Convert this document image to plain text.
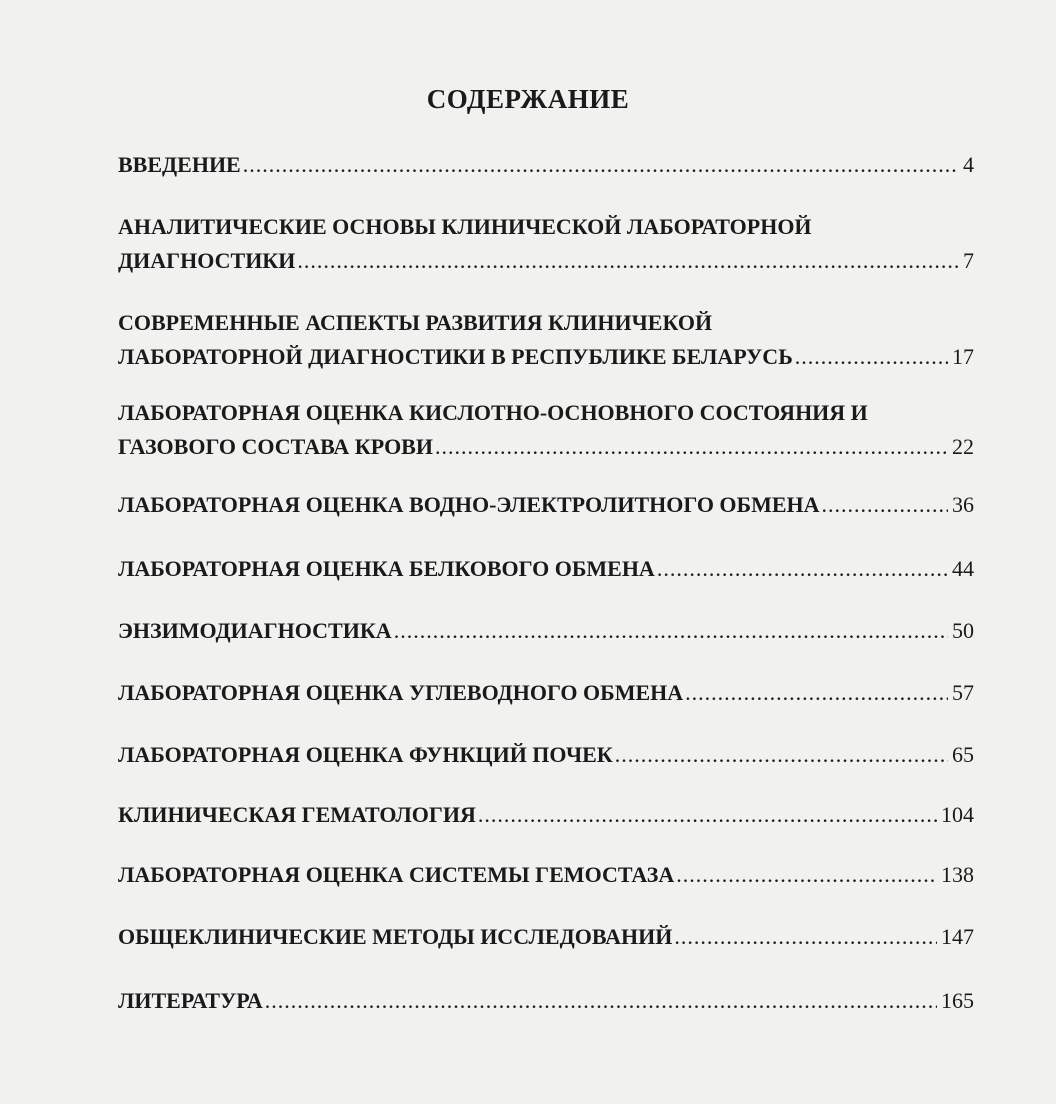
СОДЕРЖАНИЕ
ВВЕДЕНИЕ .....	4
АНАЛИТИЧЕСКИЕ ОСНОВЫ КЛИНИЧЕСКОЙ ЛАБОРАТОРНОЙ
ДИАГНОСТИКИ .....	7
СОВРЕМЕННЫЕ АСПЕКТЫ РАЗВИТИЯ КЛИНИЧЕКОЙ
ЛАБОРАТОРНОЙ ДИАГНОСТИКИ В РЕСПУБЛИКЕ БЕЛАРУСЬ .....	17
ЛАБОРАТОРНАЯ ОЦЕНКА КИСЛОТНО-ОСНОВНОГО СОСТОЯНИЯ И
ГАЗОВОГО СОСТАВА КРОВИ .....	22
ЛАБОРАТОРНАЯ ОЦЕНКА ВОДНО-ЭЛЕКТРОЛИТНОГО ОБМЕНА .....	36
ЛАБОРАТОРНАЯ ОЦЕНКА БЕЛКОВОГО ОБМЕНА .....	44
ЭНЗИМОДИАГНОСТИКА .....	50
ЛАБОРАТОРНАЯ ОЦЕНКА УГЛЕВОДНОГО ОБМЕНА .....	57
ЛАБОРАТОРНАЯ ОЦЕНКА ФУНКЦИЙ ПОЧЕК .....	65
КЛИНИЧЕСКАЯ ГЕМАТОЛОГИЯ .....	104
ЛАБОРАТОРНАЯ ОЦЕНКА СИСТЕМЫ ГЕМОСТАЗА .....	138
ОБЩЕКЛИНИЧЕСКИЕ МЕТОДЫ ИССЛЕДОВАНИЙ .....	147
ЛИТЕРАТУРА .....	165
